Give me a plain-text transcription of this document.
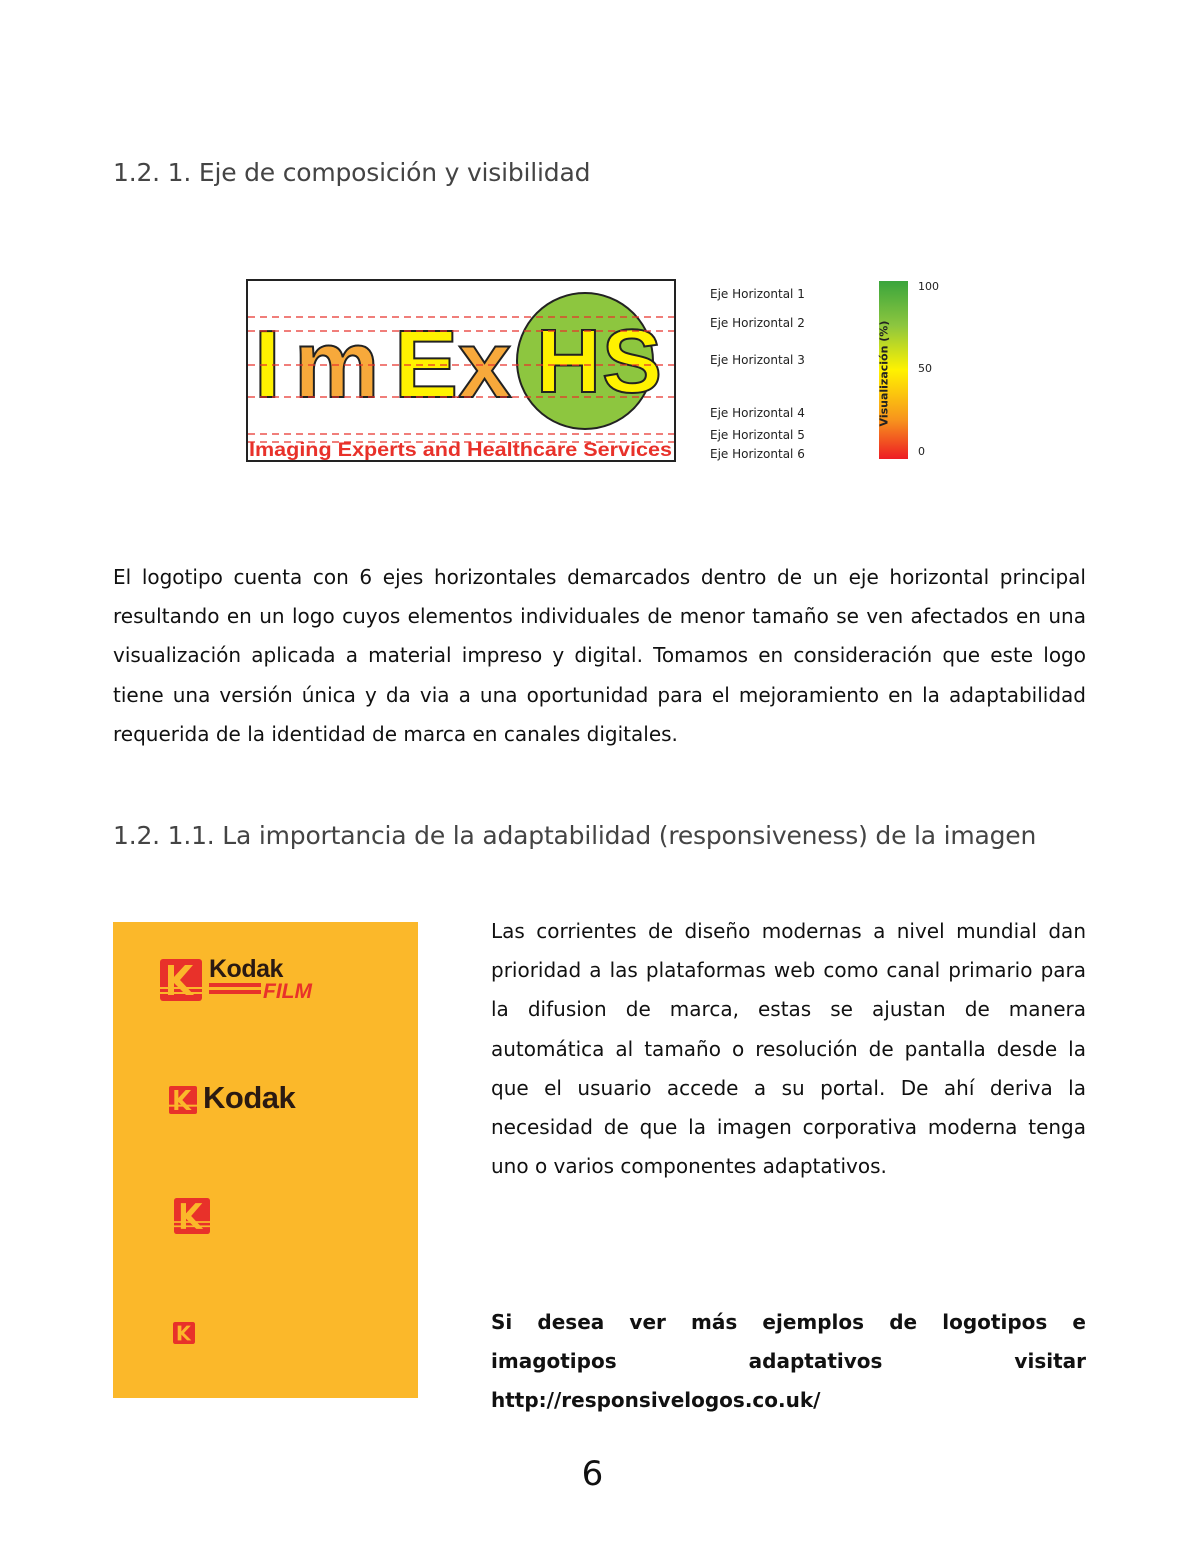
1.2. 1. Eje de composición y visibilidad
I m E x H S
Imaging Experts and Healthcare Services
Eje Horizontal 1
Eje Horizontal 2
Eje Horizontal 3
Eje Horizontal 4
Eje Horizontal 5
Eje Horizontal 6
Visualización (%)
100
50
0
El logotipo cuenta con 6 ejes horizontales demarcados dentro de un eje horizontal principal resultando en un logo cuyos elementos individuales de menor tamaño se ven afectados en una visualización aplicada a material impreso y digital. Tomamos en consideración que este logo tiene una versión única y da via a una oportunidad para el mejoramiento en la adaptabilidad requerida de la identidad de marca en canales digitales.
1.2. 1.1. La importancia de la adaptabilidad (responsiveness) de la imagen
Kodak
FILM
Kodak
Las corrientes de diseño modernas a nivel mundial dan prioridad a las plataformas web como canal primario para la difusion de marca, estas se ajustan de manera automática al tamaño o resolución de pantalla desde la que el usuario accede a su portal. De ahí deriva la necesidad de que la imagen corporativa moderna tenga uno o varios componentes adaptativos.
Si desea ver más ejemplos de logotipos e imagotipos adaptativos visitar http://responsivelogos.co.uk/
6
